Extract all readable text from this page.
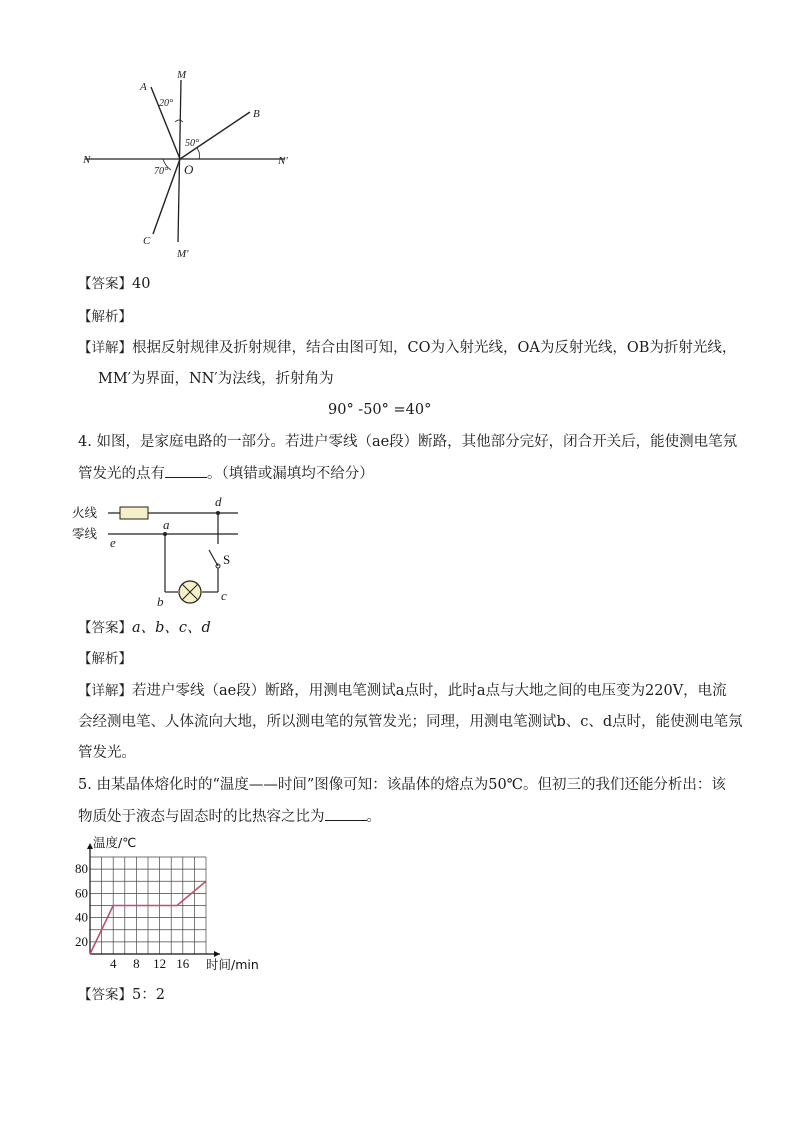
A
M
B
N	N'
O
C
M'
20°
50°
70°
【答案】40
【解析】
【详解】根据反射规律及折射规律，结合由图可知，CO为入射光线，OA为反射光线，OB为折射光线，
MM′为界面，NN′为法线，折射角为
90° -50° =40°
4. 如图，是家庭电路的一部分。若进户零线（ae段）断路，其他部分完好，闭合开关后，能使测电笔氖
管发光的点有	。（填错或漏填均不给分）
火线
零线
a
b	c
d
e
S
【答案】a、b、c、d
【解析】
【详解】若进户零线（ae段）断路，用测电笔测试a点时，此时a点与大地之间的电压变为220V，电流
会经测电笔、人体流向大地，所以测电笔的氖管发光；同理，用测电笔测试b、c、d点时，能使测电笔氖
管发光。
5. 由某晶体熔化时的“温度——时间”图像可知：该晶体的熔点为50℃。但初三的我们还能分析出：该
物质处于液态与固态时的比热容之比为	。
4 8 12 16
20
40
60
80
温度/℃
时间/min
【答案】5：2
